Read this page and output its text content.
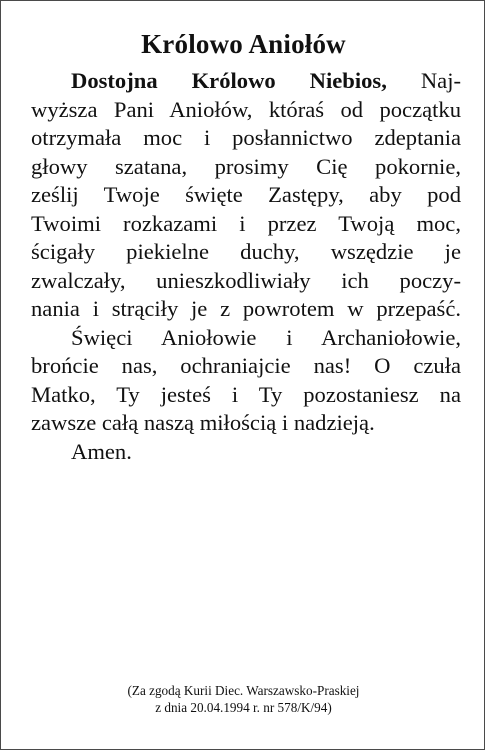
Królowo Aniołów
Dostojna Królowo Niebios, Naj-
wyższa Pani Aniołów, któraś od początku
otrzymała moc i posłannictwo zdeptania
głowy szatana, prosimy Cię pokornie,
ześlij Twoje święte Zastępy, aby pod
Twoimi rozkazami i przez Twoją moc,
ścigały piekielne duchy, wszędzie je
zwalczały, unieszkodliwiały ich poczy-
nania i strąciły je z powrotem w przepaść.
Święci Aniołowie i Archaniołowie,
brońcie nas, ochraniajcie nas! O czuła
Matko, Ty jesteś i Ty pozostaniesz na
zawsze całą naszą miłością i nadzieją.
Amen.
(Za zgodą Kurii Diec. Warszawsko-Praskiej
z dnia 20.04.1994 r. nr 578/K/94)
